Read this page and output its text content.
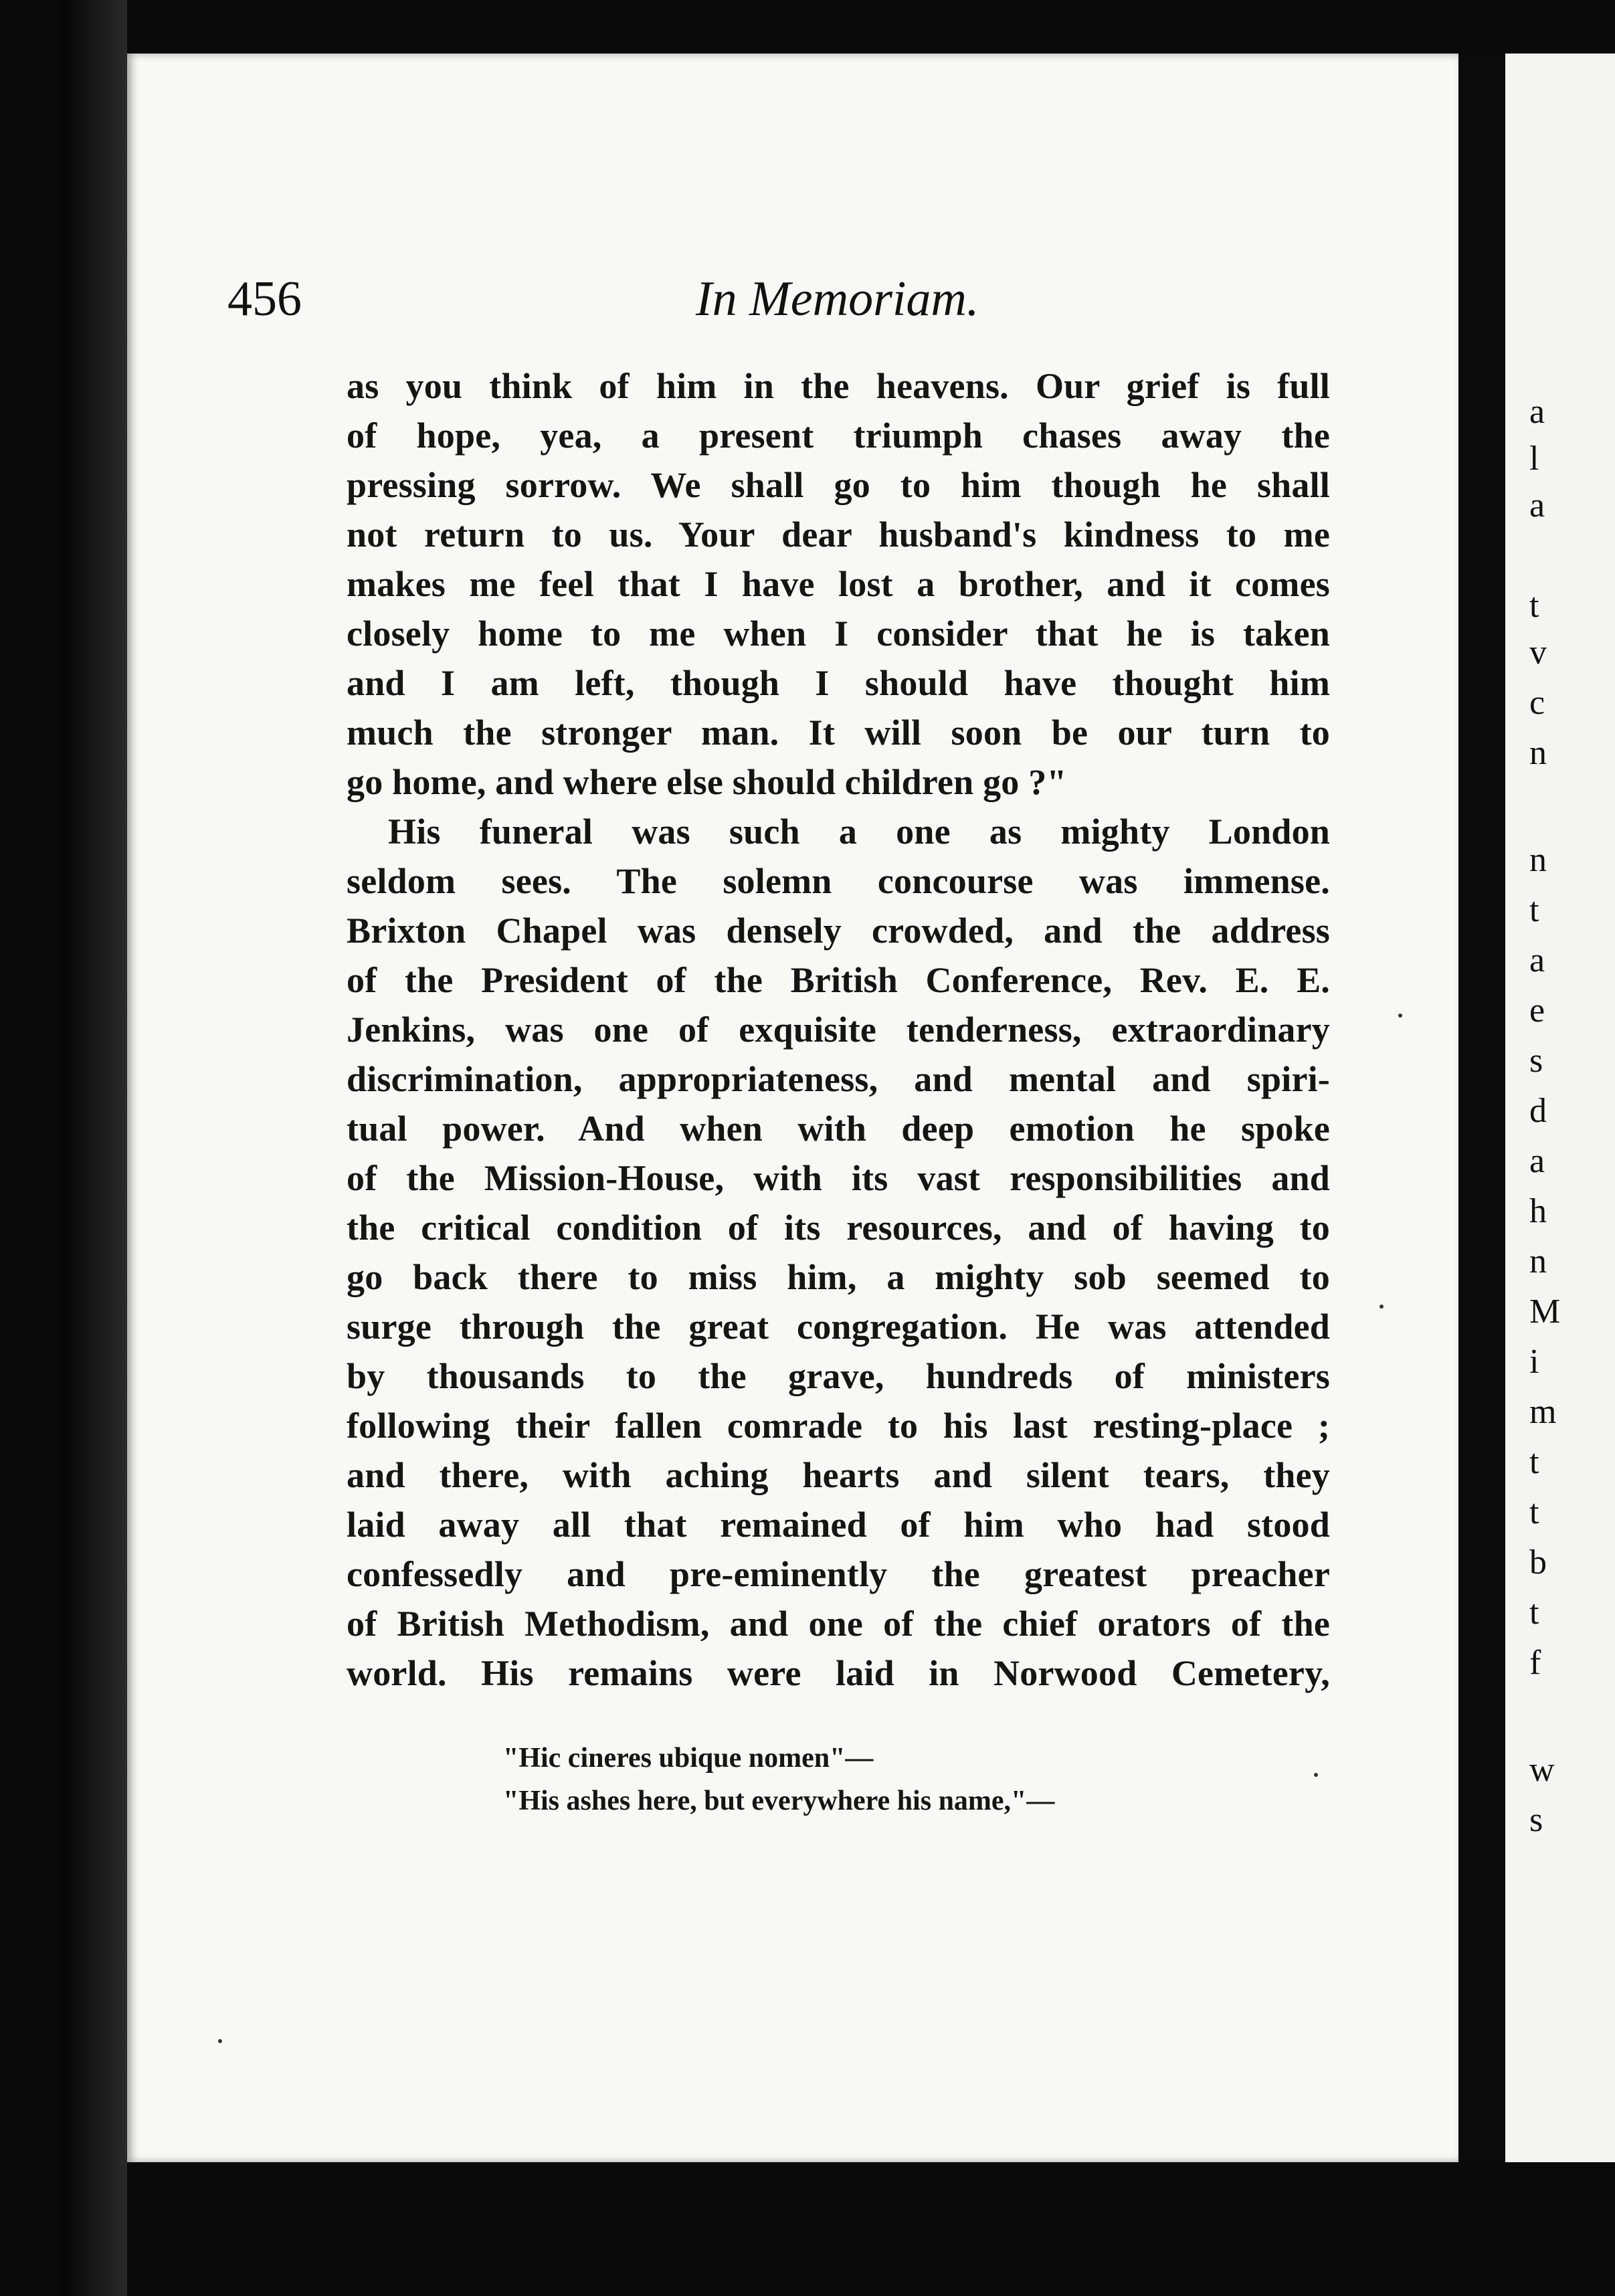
a
l
a
t
v
c
n
n
t
a
e
s
d
a
h
n
M
i
m
t
t
b
t
f
w
s
456	In Memoriam.
as you think of him in the heavens. Our grief is full
of hope, yea, a present triumph chases away the
pressing sorrow. We shall go to him though he shall
not return to us. Your dear husband's kindness to me
makes me feel that I have lost a brother, and it comes
closely home to me when I consider that he is taken
and I am left, though I should have thought him
much the stronger man. It will soon be our turn to
go home, and where else should children go ?"
His funeral was such a one as mighty London
seldom sees. The solemn concourse was immense.
Brixton Chapel was densely crowded, and the address
of the President of the British Conference, Rev. E. E.
Jenkins, was one of exquisite tenderness, extraordinary
discrimination, appropriateness, and mental and spiri-
tual power. And when with deep emotion he spoke
of the Mission-House, with its vast responsibilities and
the critical condition of its resources, and of having to
go back there to miss him, a mighty sob seemed to
surge through the great congregation. He was attended
by thousands to the grave, hundreds of ministers
following their fallen comrade to his last resting-place ;
and there, with aching hearts and silent tears, they
laid away all that remained of him who had stood
confessedly and pre-eminently the greatest preacher
of British Methodism, and one of the chief orators of the
world. His remains were laid in Norwood Cemetery,
"Hic cineres ubique nomen"—
"His ashes here, but everywhere his name,"—
